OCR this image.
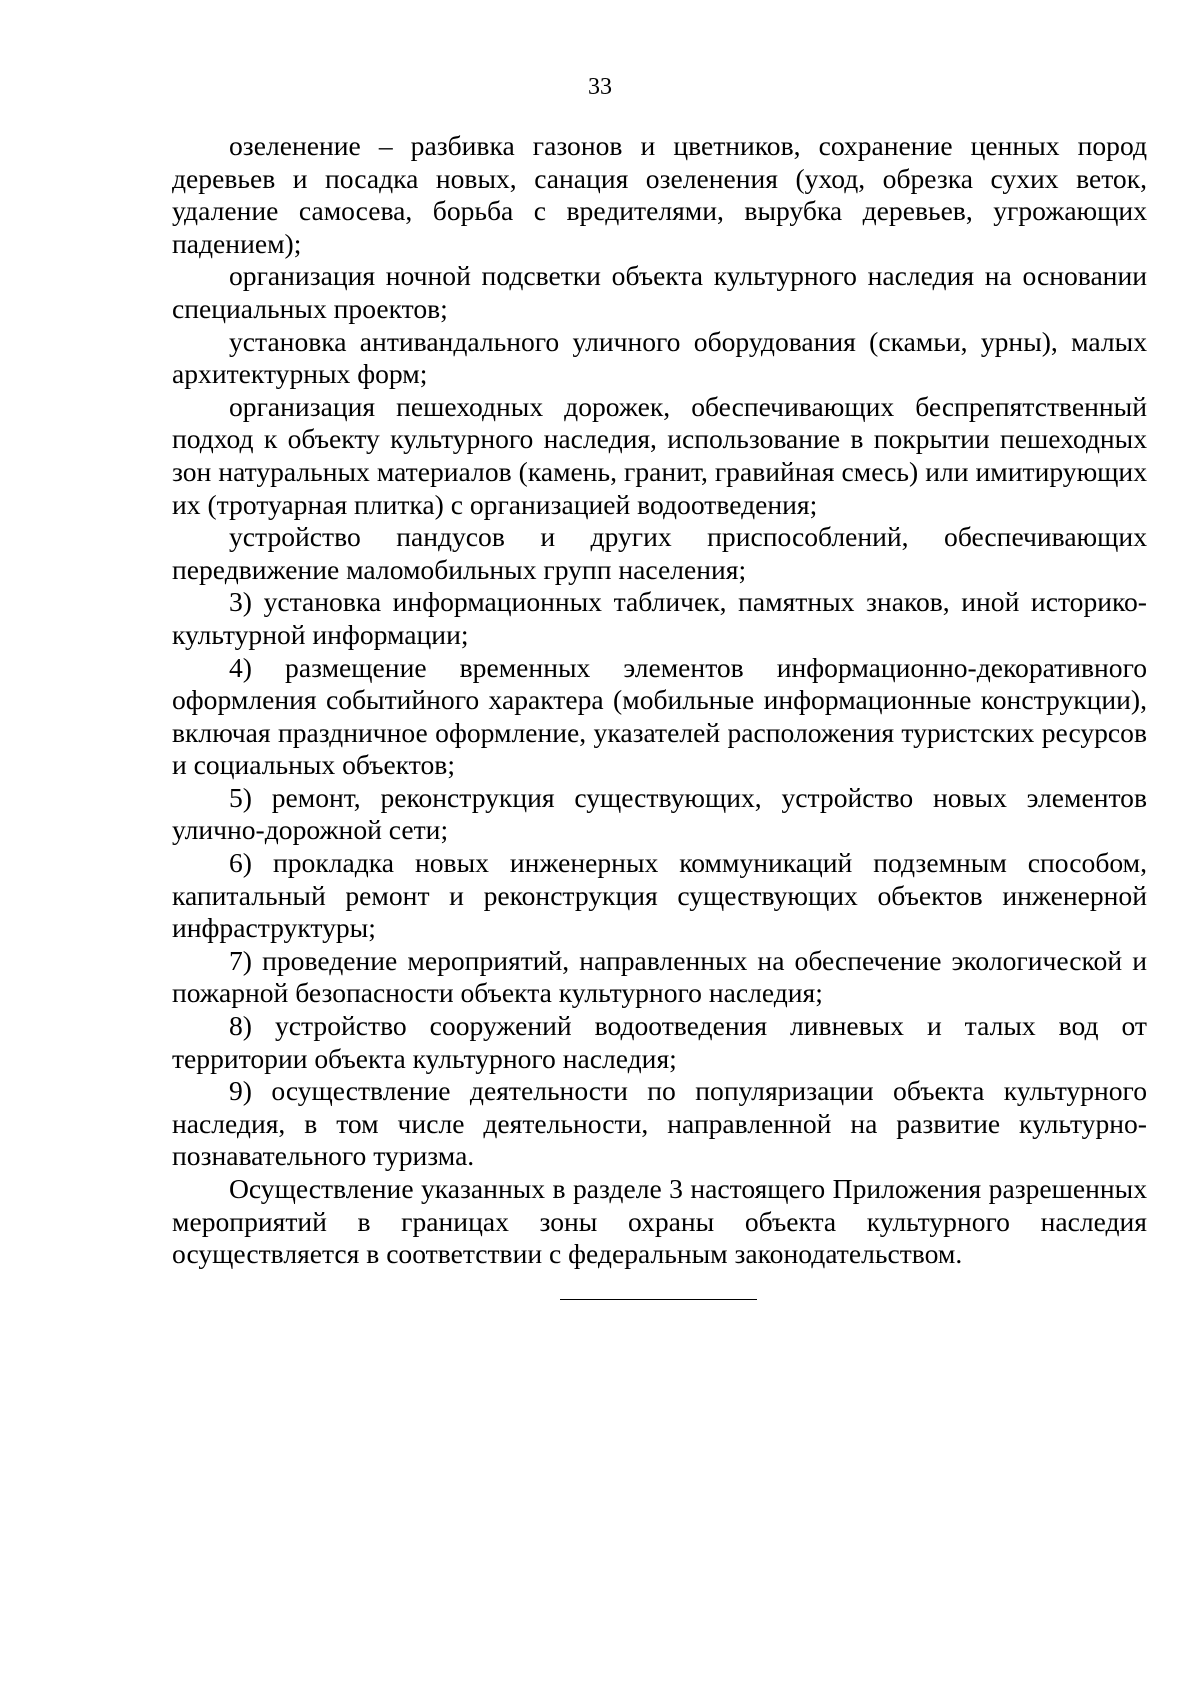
33

озеленение – разбивка газонов и цветников, сохранение ценных пород деревьев и посадка новых, санация озеленения (уход, обрезка сухих веток, удаление самосева, борьба с вредителями, вырубка деревьев, угрожающих падением);

организация ночной подсветки объекта культурного наследия на основании специальных проектов;

установка антивандального уличного оборудования (скамьи, урны), малых архитектурных форм;

организация пешеходных дорожек, обеспечивающих беспрепятственный подход к объекту культурного наследия, использование в покрытии пешеходных зон натуральных материалов (камень, гранит, гравийная смесь) или имитирующих их (тротуарная плитка) с организацией водоотведения;

устройство пандусов и других приспособлений, обеспечивающих передвижение маломобильных групп населения;

3) установка информационных табличек, памятных знаков, иной историко-культурной информации;

4) размещение временных элементов информационно-декоративного оформления событийного характера (мобильные информационные конструкции), включая праздничное оформление, указателей расположения туристских ресурсов и социальных объектов;

5) ремонт, реконструкция существующих, устройство новых элементов улично-дорожной сети;

6) прокладка новых инженерных коммуникаций подземным способом, капитальный ремонт и реконструкция существующих объектов инженерной инфраструктуры;

7) проведение мероприятий, направленных на обеспечение экологической и пожарной безопасности объекта культурного наследия;

8) устройство сооружений водоотведения ливневых и талых вод от территории объекта культурного наследия;

9) осуществление деятельности по популяризации объекта культурного наследия, в том числе деятельности, направленной на развитие культурно-познавательного туризма.

Осуществление указанных в разделе 3 настоящего Приложения разрешенных мероприятий в границах зоны охраны объекта культурного наследия осуществляется в соответствии с федеральным законодательством.
